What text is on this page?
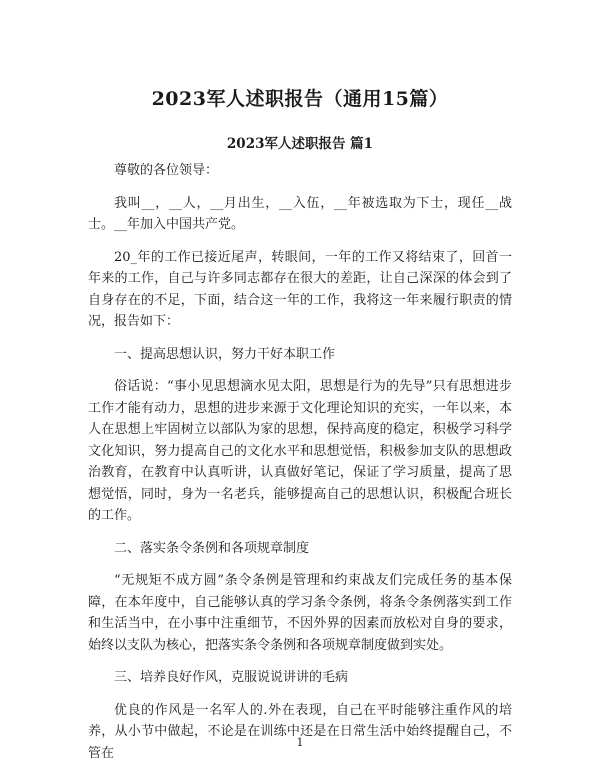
2023军人述职报告（通用15篇）
2023军人述职报告 篇1

尊敬的各位领导：

我叫__，__人，__月出生，__入伍，__年被选取为下士，现任__战士。__年加入中国共产党。

20_年的工作已接近尾声，转眼间，一年的工作又将结束了，回首一年来的工作，自己与许多同志都存在很大的差距，让自己深深的体会到了自身存在的不足，下面，结合这一年的工作，我将这一年来履行职责的情况，报告如下：

一、提高思想认识，努力干好本职工作

俗话说：“事小见思想滴水见太阳，思想是行为的先导”只有思想进步工作才能有动力，思想的进步来源于文化理论知识的充实，一年以来，本人在思想上牢固树立以部队为家的思想，保持高度的稳定，积极学习科学文化知识，努力提高自己的文化水平和思想觉悟，积极参加支队的思想政治教育，在教育中认真听讲，认真做好笔记，保证了学习质量，提高了思想觉悟，同时，身为一名老兵，能够提高自己的思想认识，积极配合班长的工作。

二、落实条令条例和各项规章制度

“无规矩不成方圆”条令条例是管理和约束战友们完成任务的基本保障，在本年度中，自己能够认真的学习条令条例，将条令条例落实到工作和生活当中，在小事中注重细节，不因外界的因素而放松对自身的要求，始终以支队为核心，把落实条令条例和各项规章制度做到实处。

三、培养良好作风，克服说说讲讲的毛病

优良的作风是一名军人的.外在表现，自己在平时能够注重作风的培养，从小节中做起，不论是在训练中还是在日常生活中始终提醒自己，不管在

1
